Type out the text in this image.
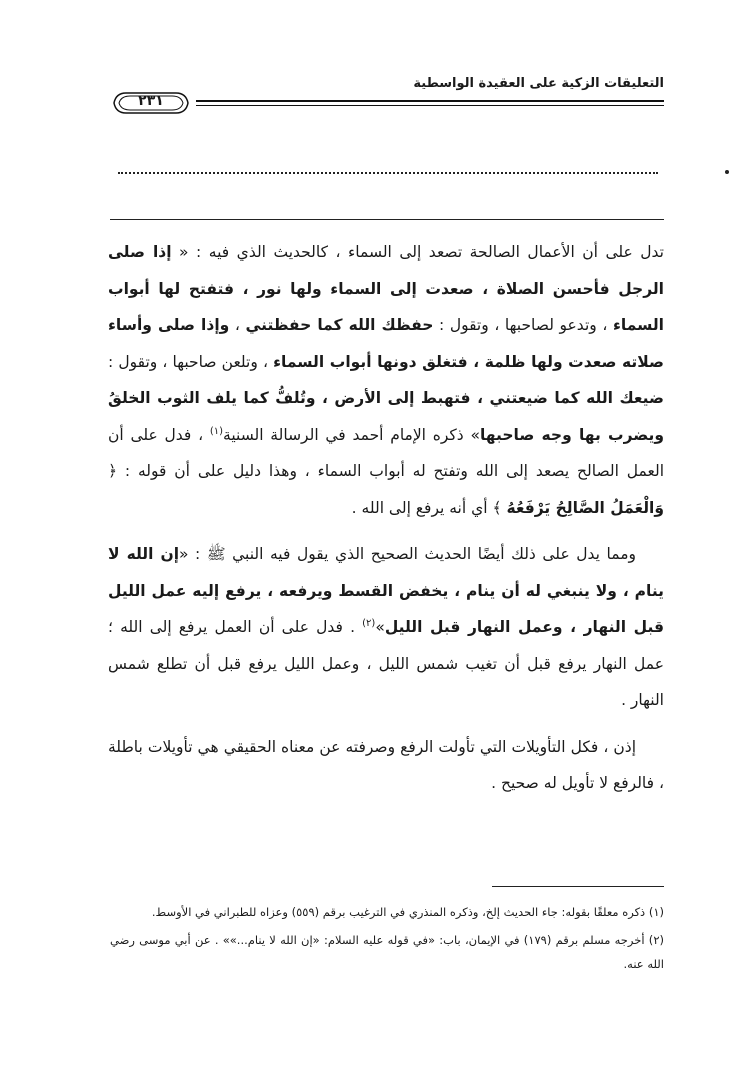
التعليقات الزكية على العقيدة الواسطية
٢٣١

تدل على أن الأعمال الصالحة تصعد إلى السماء ، كالحديث الذي فيه : « إذا صلى الرجل فأحسن الصلاة ، صعدت إلى السماء ولها نور ، فتفتح لها أبواب السماء ، وتدعو لصاحبها ، وتقول : حفظك الله كما حفظتني ، وإذا صلى وأساء صلاته صعدت ولها ظلمة ، فتغلق دونها أبواب السماء ، وتلعن صاحبها ، وتقول : ضيعك الله كما ضيعتني ، فتهبط إلى الأرض ، وتُلفُّ كما يلف الثوب الخلقُ ويضرب بها وجه صاحبها» ذكره الإمام أحمد في الرسالة السنية$^{(١)}$ ، فدل على أن العمل الصالح يصعد إلى الله وتفتح له أبواب السماء ، وهذا دليل على أن قوله : ﴿ وَالْعَمَلُ الصَّالِحُ يَرْفَعُهُ ﴾ أي أنه يرفع إلى الله .

ومما يدل على ذلك أيضًا الحديث الصحيح الذي يقول فيه النبي ﷺ : «إن الله لا ينام ، ولا ينبغي له أن ينام ، يخفض القسط ويرفعه ، يرفع إليه عمل الليل قبل النهار ، وعمل النهار قبل الليل»$^{(٢)}$ . فدل على أن العمل يرفع إلى الله ؛ عمل النهار يرفع قبل أن تغيب شمس الليل ، وعمل الليل يرفع قبل أن تطلع شمس النهار .

إذن ، فكل التأويلات التي تأولت الرفع وصرفته عن معناه الحقيقي هي تأويلات باطلة ، فالرفع لا تأويل له صحيح .

(١) ذكره معلقًا بقوله: جاء الحديث إلخ، وذكره المنذري في الترغيب برقم (٥٥٩) وعزاه للطبراني في الأوسط.

(٢) أخرجه مسلم برقم (١٧٩) في الإيمان، باب: «في قوله عليه السلام: «إن الله لا ينام...»» . عن أبي موسى رضي الله عنه.
